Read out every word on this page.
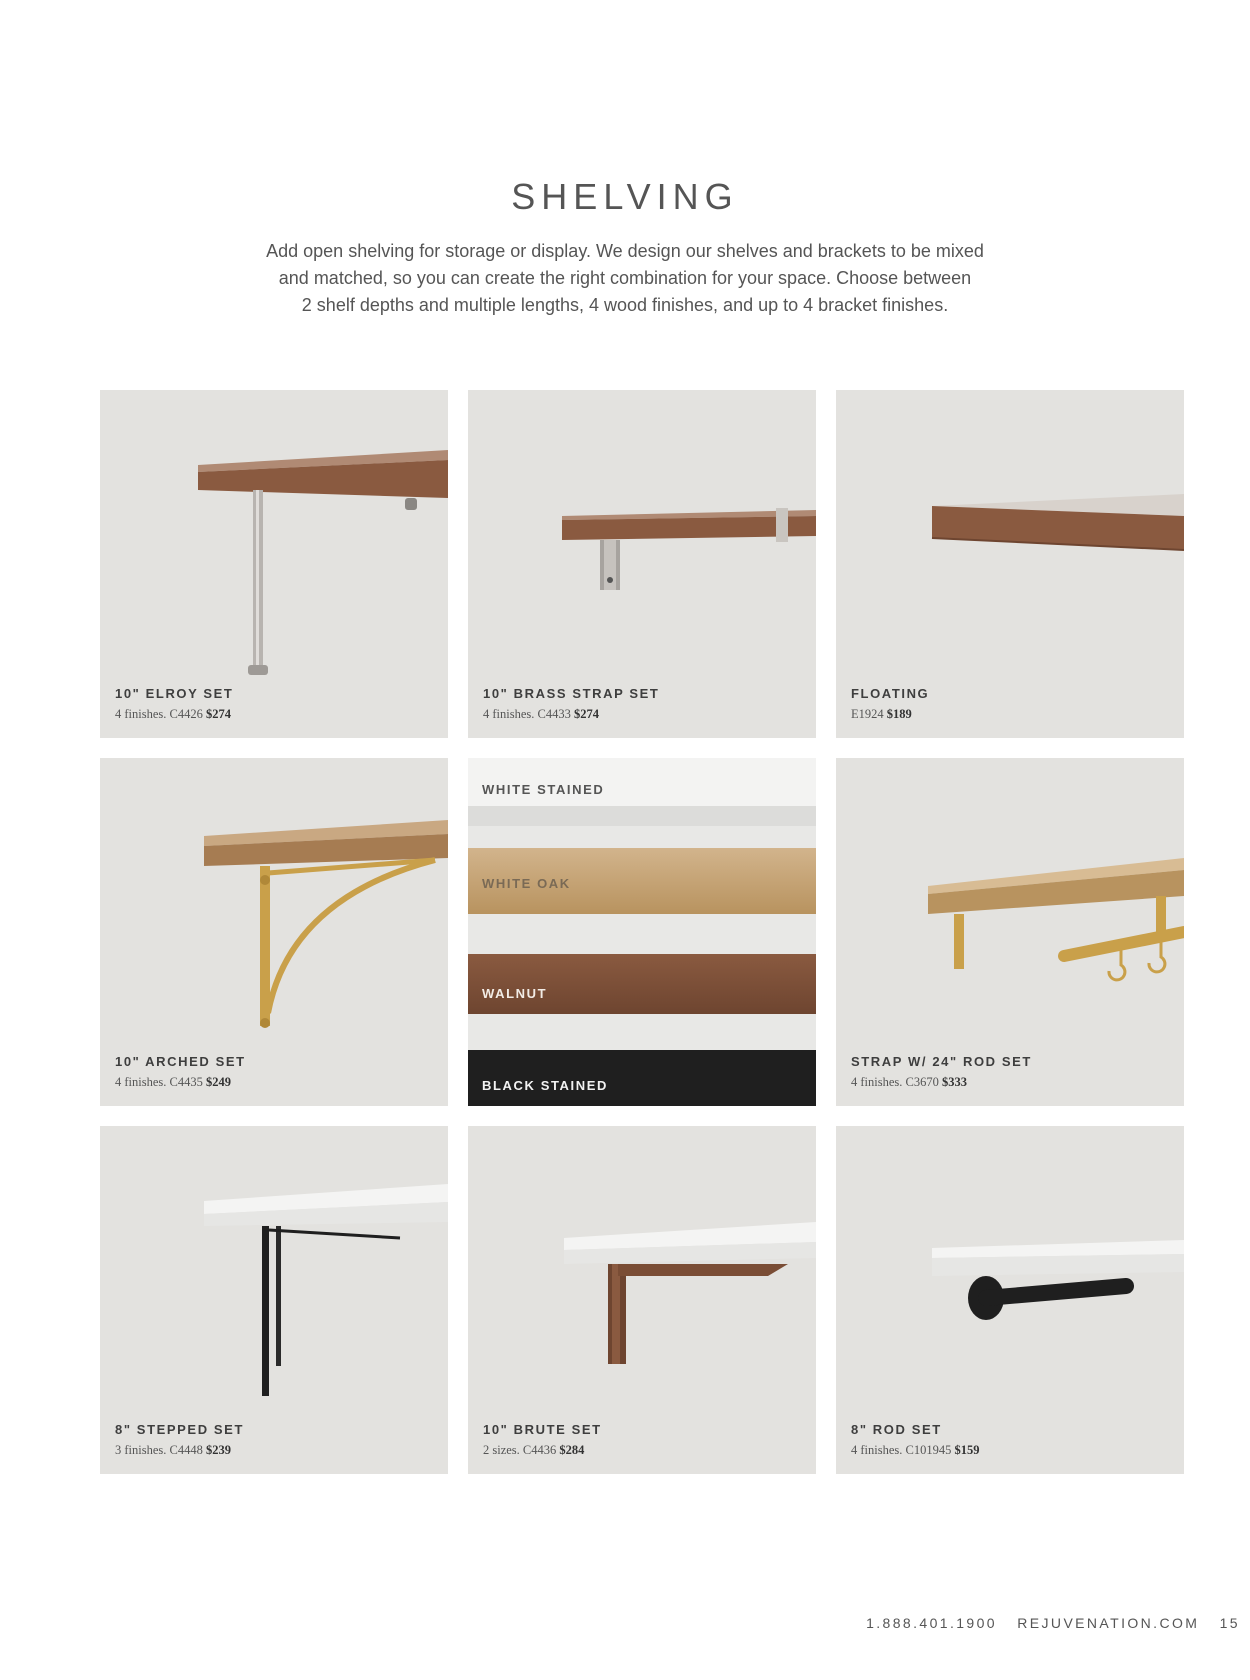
SHELVING
Add open shelving for storage or display. We design our shelves and brackets to be mixed
and matched, so you can create the right combination for your space. Choose between
2 shelf depths and multiple lengths, 4 wood finishes, and up to 4 bracket finishes.
10" ELROY SET
4 finishes. C4426 $274
10" BRASS STRAP SET
4 finishes. C4433 $274
FLOATING
E1924 $189
10" ARCHED SET
4 finishes. C4435 $249
WHITE STAINED
WHITE OAK
WALNUT
BLACK STAINED
STRAP W/ 24" ROD SET
4 finishes. C3670 $333
8" STEPPED SET
3 finishes. C4448 $239
10" BRUTE SET
2 sizes. C4436 $284
8" ROD SET
4 finishes. C101945 $159
1.888.401.1900 REJUVENATION.COM 15
